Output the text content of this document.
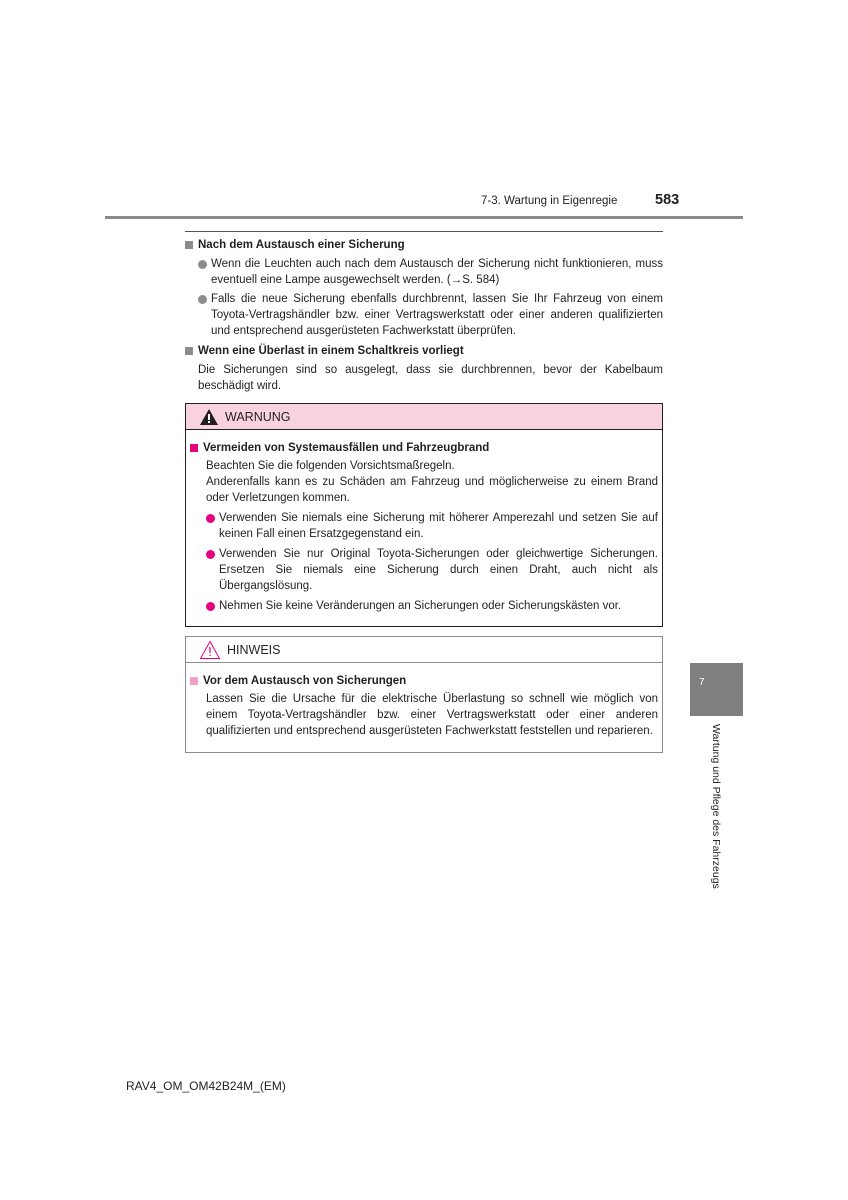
7-3. Wartung in Eigenregie	583
Nach dem Austausch einer Sicherung
Wenn die Leuchten auch nach dem Austausch der Sicherung nicht funktionieren, muss eventuell eine Lampe ausgewechselt werden. (→S. 584)
Falls die neue Sicherung ebenfalls durchbrennt, lassen Sie Ihr Fahrzeug von einem Toyota-Vertragshändler bzw. einer Vertragswerkstatt oder einer anderen qualifizierten und entsprechend ausgerüsteten Fachwerkstatt überprüfen.
Wenn eine Überlast in einem Schaltkreis vorliegt
Die Sicherungen sind so ausgelegt, dass sie durchbrennen, bevor der Kabelbaum beschädigt wird.
WARNUNG
Vermeiden von Systemausfällen und Fahrzeugbrand
Beachten Sie die folgenden Vorsichtsmaßregeln.
Anderenfalls kann es zu Schäden am Fahrzeug und möglicherweise zu einem Brand oder Verletzungen kommen.
Verwenden Sie niemals eine Sicherung mit höherer Amperezahl und setzen Sie auf keinen Fall einen Ersatzgegenstand ein.
Verwenden Sie nur Original Toyota-Sicherungen oder gleichwertige Sicherungen. Ersetzen Sie niemals eine Sicherung durch einen Draht, auch nicht als Übergangslösung.
Nehmen Sie keine Veränderungen an Sicherungen oder Sicherungskästen vor.
HINWEIS
Vor dem Austausch von Sicherungen
Lassen Sie die Ursache für die elektrische Überlastung so schnell wie möglich von einem Toyota-Vertragshändler bzw. einer Vertragswerkstatt oder einer anderen qualifizierten und entsprechend ausgerüsteten Fachwerkstatt feststellen und reparieren.
7
Wartung und Pflege des Fahrzeugs
RAV4_OM_OM42B24M_(EM)
